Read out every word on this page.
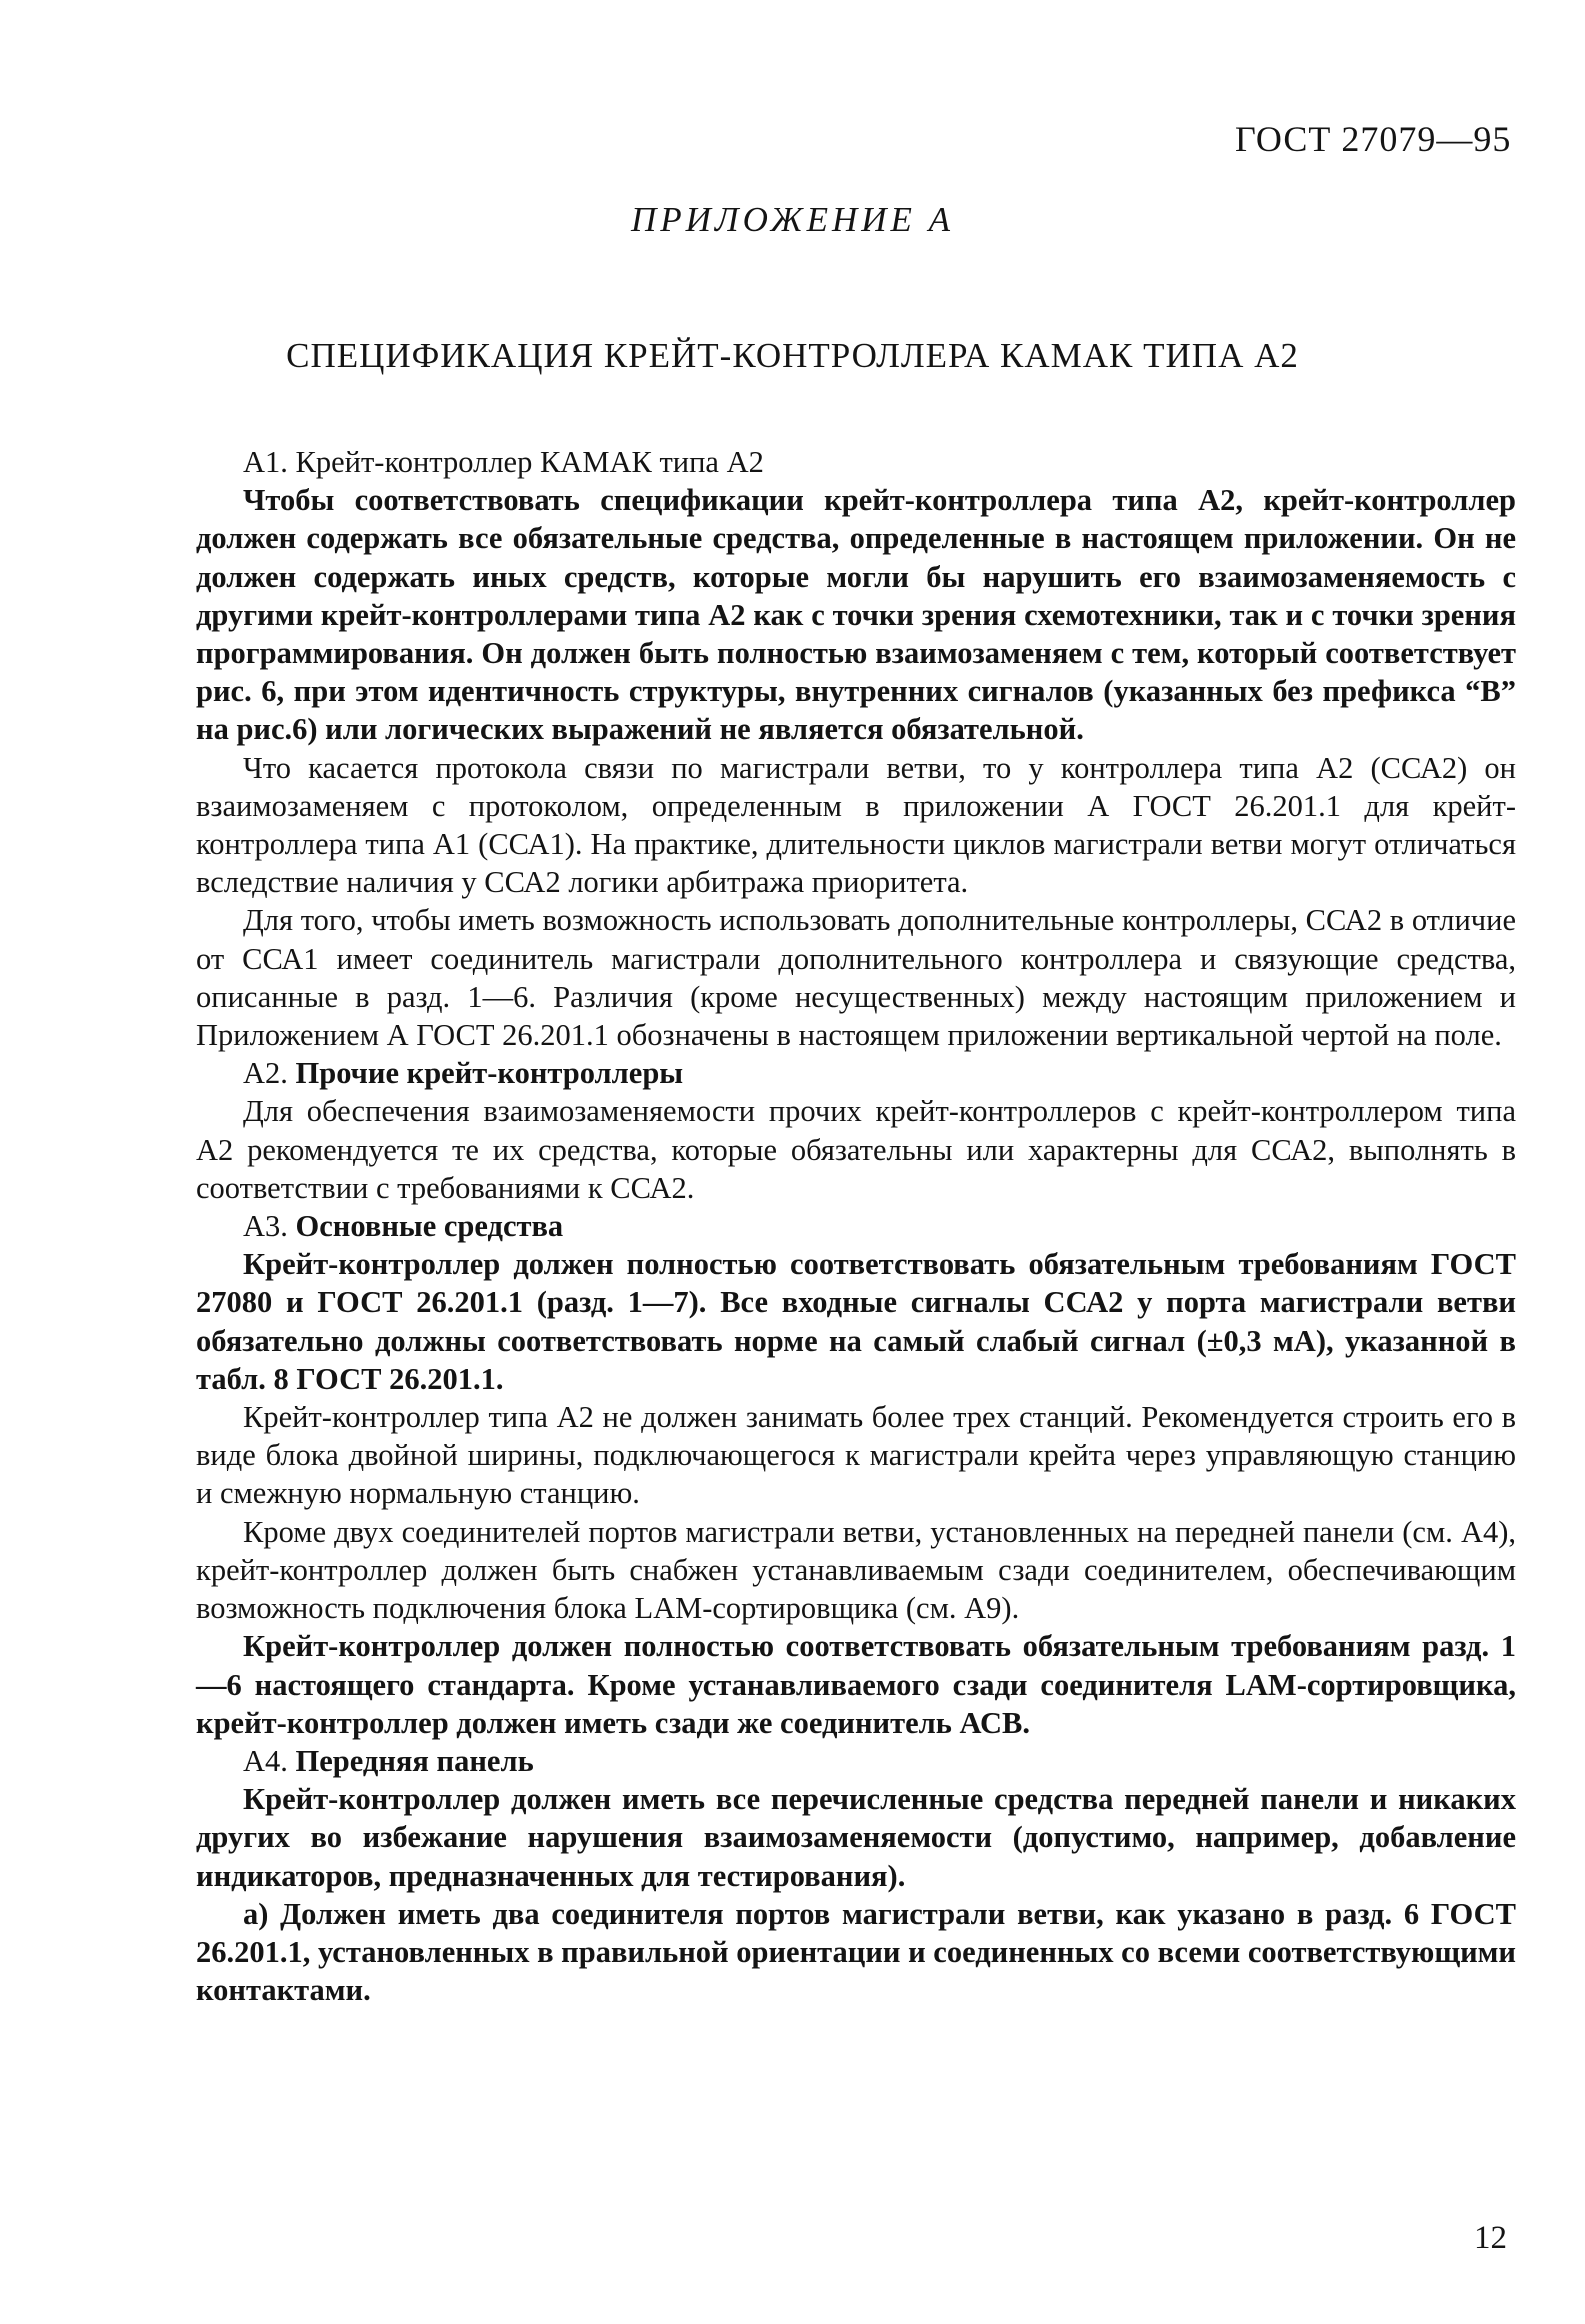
ГОСТ 27079—95
ПРИЛОЖЕНИЕ А
СПЕЦИФИКАЦИЯ КРЕЙТ-КОНТРОЛЛЕРА КАМАК ТИПА А2

А1. Крейт-контроллер КАМАК типа А2

Чтобы соответствовать спецификации крейт-контроллера типа А2, крейт-контроллер должен содержать все обязательные средства, определенные в настоящем приложении. Он не должен содержать иных средств, которые могли бы нарушить его взаимозаменяемость с другими крейт-контроллерами типа А2 как с точки зрения схемотехники, так и с точки зрения программирования. Он должен быть полностью взаимозаменяем с тем, который соответствует рис. 6, при этом идентичность структуры, внутренних сигналов (указанных без префикса “В” на рис.6) или логических выражений не является обязательной.

Что касается протокола связи по магистрали ветви, то у контроллера типа А2 (ССА2) он взаимозаменяем с протоколом, определенным в приложении А ГОСТ 26.201.1 для крейт-контроллера типа А1 (ССА1). На практике, длительности циклов магистрали ветви могут отличаться вследствие наличия у ССА2 логики арбитража приоритета.

Для того, чтобы иметь возможность использовать дополнительные контроллеры, ССА2 в отличие от ССА1 имеет соединитель магистрали дополнительного контроллера и связующие средства, описанные в разд. 1—6. Различия (кроме несущественных) между настоящим приложением и Приложением А ГОСТ 26.201.1 обозначены в настоящем приложении вертикальной чертой на поле.

А2. Прочие крейт-контроллеры

Для обеспечения взаимозаменяемости прочих крейт-контроллеров с крейт-контроллером типа А2 рекомендуется те их средства, которые обязательны или характерны для ССА2, выполнять в соответствии с требованиями к ССА2.

А3. Основные средства

Крейт-контроллер должен полностью соответствовать обязательным требованиям ГОСТ 27080 и ГОСТ 26.201.1 (разд. 1—7). Все входные сигналы ССА2 у порта магистрали ветви обязательно должны соответствовать норме на самый слабый сигнал (±0,3 мА), указанной в табл. 8 ГОСТ 26.201.1.

Крейт-контроллер типа А2 не должен занимать более трех станций. Рекомендуется строить его в виде блока двойной ширины, подключающегося к магистрали крейта через управляющую станцию и смежную нормальную станцию.

Кроме двух соединителей портов магистрали ветви, установленных на передней панели (см. А4), крейт-контроллер должен быть снабжен устанавливаемым сзади соединителем, обеспечивающим возможность подключения блока LAM-сортировщика (см. А9).

Крейт-контроллер должен полностью соответствовать обязательным требованиям разд. 1—6 настоящего стандарта. Кроме устанавливаемого сзади соединителя LAM-сортировщика, крейт-контроллер должен иметь сзади же соединитель АСВ.

А4. Передняя панель

Крейт-контроллер должен иметь все перечисленные средства передней панели и никаких других во избежание нарушения взаимозаменяемости (допустимо, например, добавление индикаторов, предназначенных для тестирования).

а) Должен иметь два соединителя портов магистрали ветви, как указано в разд. 6 ГОСТ 26.201.1, установленных в правильной ориентации и соединенных со всеми соответствующими контактами.

12
